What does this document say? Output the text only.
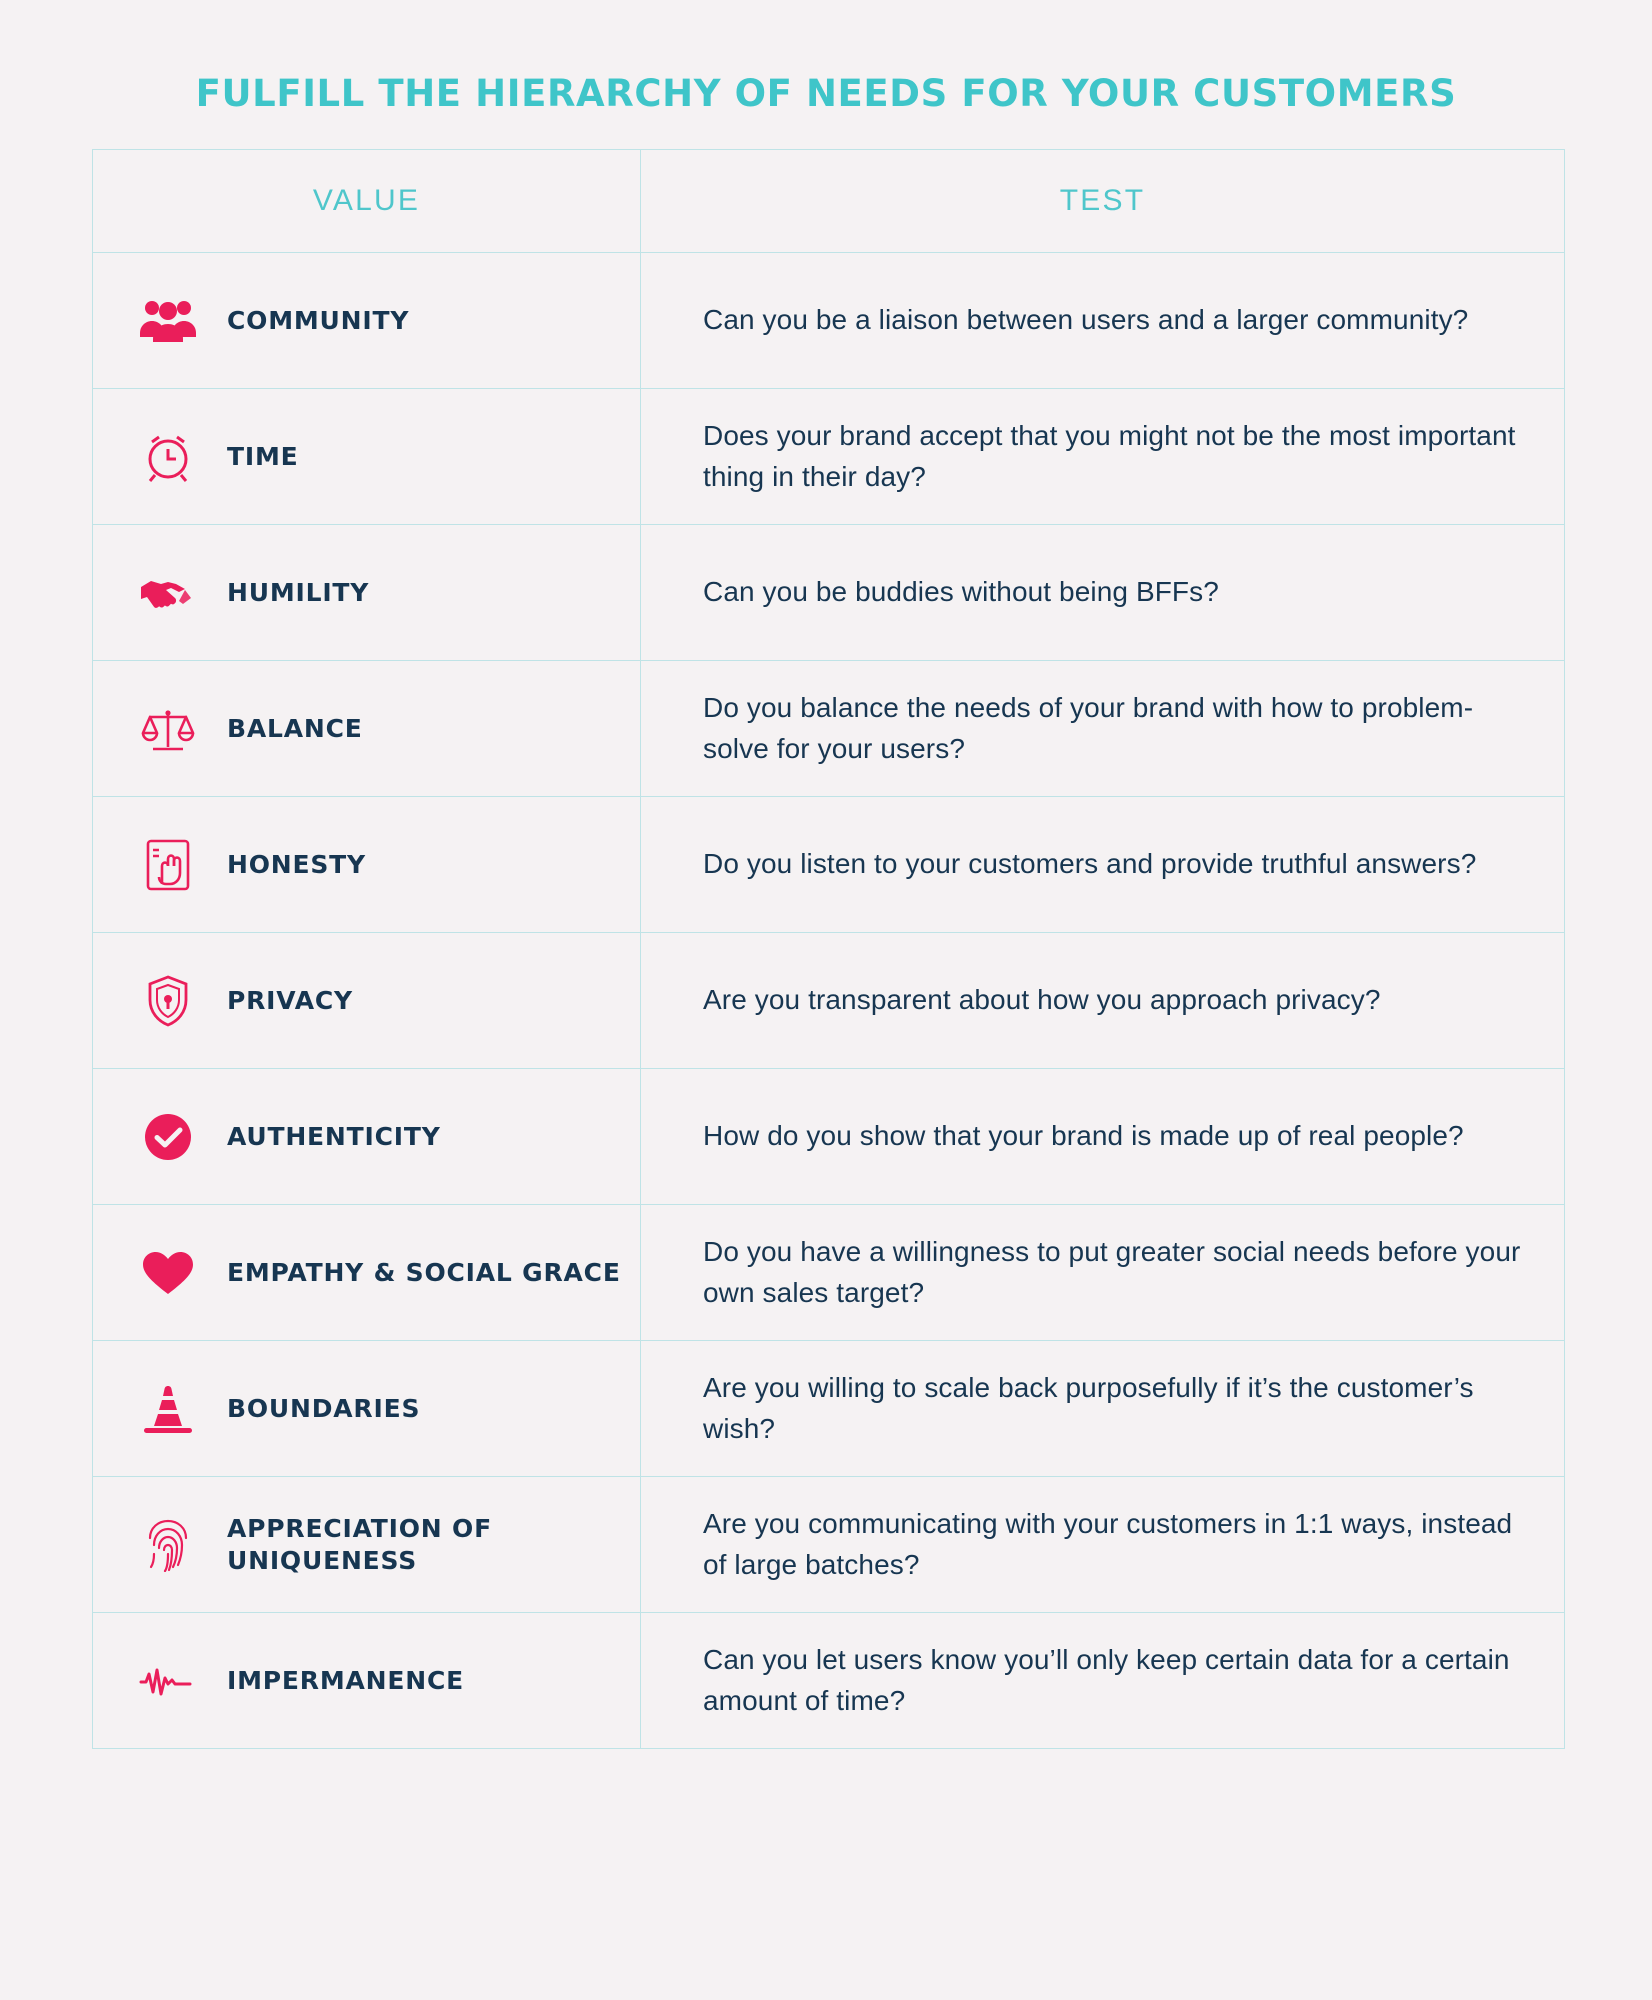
FULFILL THE HIERARCHY OF NEEDS FOR YOUR CUSTOMERS
VALUE	TEST

COMMUNITY	Can you be a liaison between users and a larger community?

TIME	Does your brand accept that you might not be the most important thing in their day?

HUMILITY	Can you be buddies without being BFFs?

BALANCE	Do you balance the needs of your brand with how to problem-solve for your users?

HONESTY	Do you listen to your customers and provide truthful answers?

PRIVACY	Are you transparent about how you approach privacy?

AUTHENTICITY	How do you show that your brand is made up of real people?

EMPATHY & SOCIAL GRACE	Do you have a willingness to put greater social needs before your own sales target?

BOUNDARIES	Are you willing to scale back purposefully if it’s the customer’s wish?

APPRECIATION OF UNIQUENESS	Are you communicating with your customers in 1:1 ways, instead of large batches?

IMPERMANENCE	Can you let users know you’ll only keep certain data for a certain amount of time?
